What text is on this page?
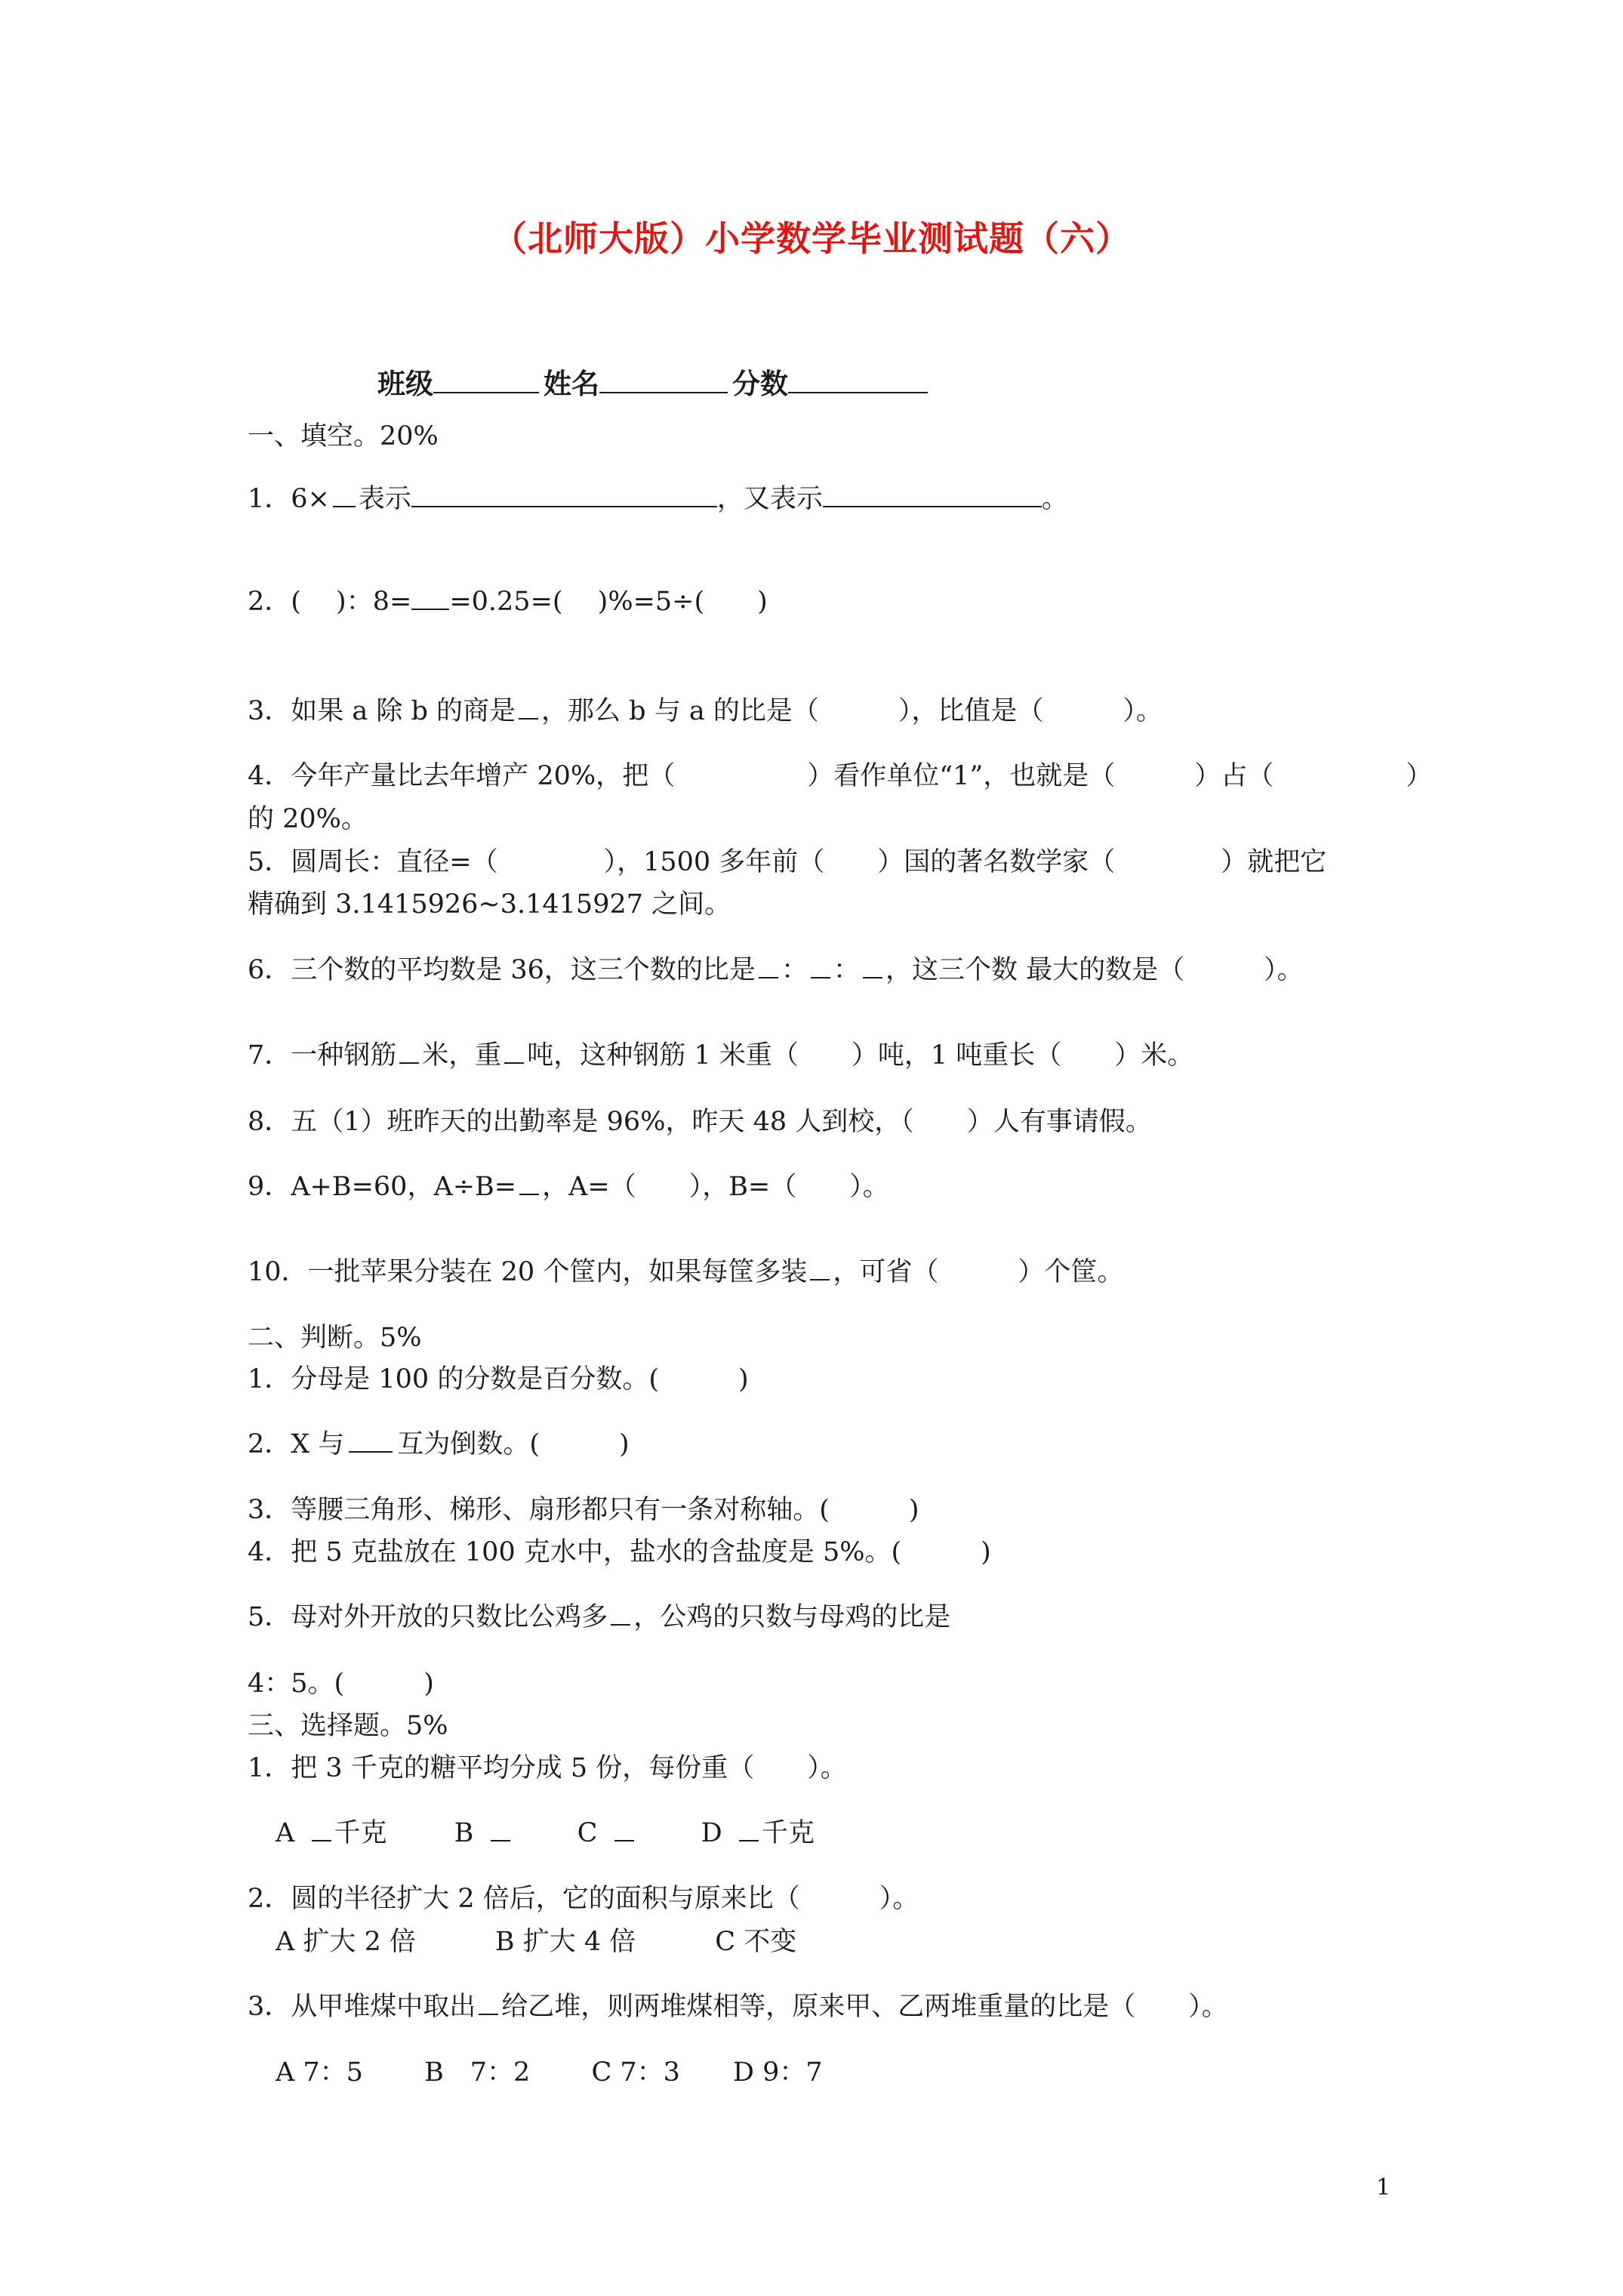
（北师大版）小学数学毕业测试题（六）
班级	姓名	分数
一、填空。20%
1．6× 表示	，又表示	。
2．(　 )：8= =0.25=(　 )%=5÷(　　)
3．如果 a 除 b 的商是 ，那么 b 与 a 的比是（　　　），比值是（　　　）。
4．今年产量比去年增产 20%，把（　　　　　）看作单位“1”，也就是（　　　）占（　　　　　）
的 20%。
5．圆周长：直径=（　　　　），1500 多年前（　　）国的著名数学家（　　　　）就把它
精确到 3.1415926~3.1415927 之间。
6．三个数的平均数是 36，这三个数的比是 ： ： ，这三个数 最大的数是（　　　）。
7．一种钢筋 米，重 吨，这种钢筋 1 米重（　　）吨，1 吨重长（　　）米。
8．五（1）班昨天的出勤率是 96%，昨天 48 人到校，（　　）人有事请假。
9．A+B=60，A÷B= ，A=（　　），B=（　　）。
10．一批苹果分装在 20 个筐内，如果每筐多装 ，可省（　　　）个筐。
二、判断。5%
1．分母是 100 的分数是百分数。(　　　)
2．X 与 互为倒数。(　　　)
3．等腰三角形、梯形、扇形都只有一条对称轴。(　　　)
4．把 5 克盐放在 100 克水中，盐水的含盐度是 5%。(　　　)
5．母对外开放的只数比公鸡多 ，公鸡的只数与母鸡的比是
4：5。(　　　)
三、选择题。5%
1．把 3 千克的糖平均分成 5 份，每份重（　　）。
A 千克	B	C	D 千克
2．圆的半径扩大 2 倍后，它的面积与原来比（　　　）。
A 扩大 2 倍　　　B 扩大 4 倍　　　C 不变
3．从甲堆煤中取出 给乙堆，则两堆煤相等，原来甲、乙两堆重量的比是（　　）。
A 7：5　　 B　7：2　　 C 7：3　　D 9：7
1
